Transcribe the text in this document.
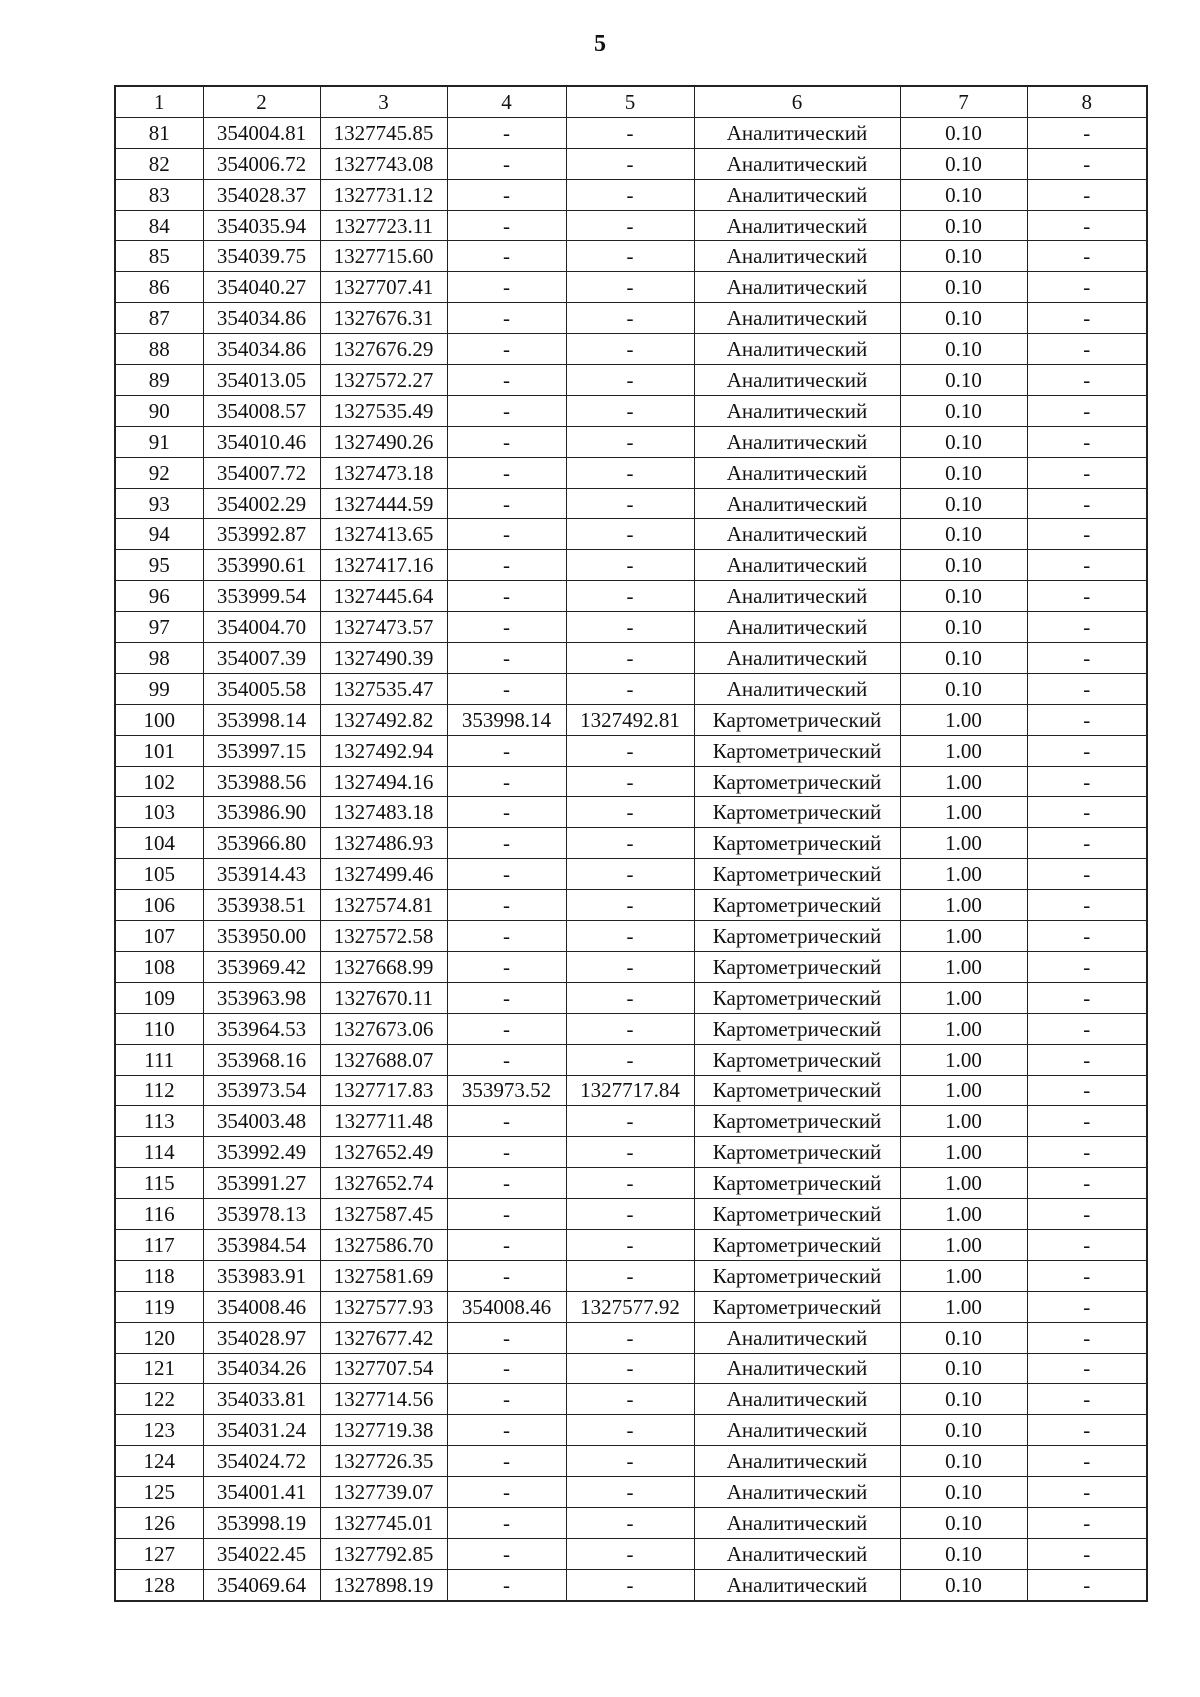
5
1	2	3	4	5	6	7	8
81	354004.81	1327745.85	-	-	Аналитический	0.10	-
82	354006.72	1327743.08	-	-	Аналитический	0.10	-
83	354028.37	1327731.12	-	-	Аналитический	0.10	-
84	354035.94	1327723.11	-	-	Аналитический	0.10	-
85	354039.75	1327715.60	-	-	Аналитический	0.10	-
86	354040.27	1327707.41	-	-	Аналитический	0.10	-
87	354034.86	1327676.31	-	-	Аналитический	0.10	-
88	354034.86	1327676.29	-	-	Аналитический	0.10	-
89	354013.05	1327572.27	-	-	Аналитический	0.10	-
90	354008.57	1327535.49	-	-	Аналитический	0.10	-
91	354010.46	1327490.26	-	-	Аналитический	0.10	-
92	354007.72	1327473.18	-	-	Аналитический	0.10	-
93	354002.29	1327444.59	-	-	Аналитический	0.10	-
94	353992.87	1327413.65	-	-	Аналитический	0.10	-
95	353990.61	1327417.16	-	-	Аналитический	0.10	-
96	353999.54	1327445.64	-	-	Аналитический	0.10	-
97	354004.70	1327473.57	-	-	Аналитический	0.10	-
98	354007.39	1327490.39	-	-	Аналитический	0.10	-
99	354005.58	1327535.47	-	-	Аналитический	0.10	-
100	353998.14	1327492.82	353998.14	1327492.81	Картометрический	1.00	-
101	353997.15	1327492.94	-	-	Картометрический	1.00	-
102	353988.56	1327494.16	-	-	Картометрический	1.00	-
103	353986.90	1327483.18	-	-	Картометрический	1.00	-
104	353966.80	1327486.93	-	-	Картометрический	1.00	-
105	353914.43	1327499.46	-	-	Картометрический	1.00	-
106	353938.51	1327574.81	-	-	Картометрический	1.00	-
107	353950.00	1327572.58	-	-	Картометрический	1.00	-
108	353969.42	1327668.99	-	-	Картометрический	1.00	-
109	353963.98	1327670.11	-	-	Картометрический	1.00	-
110	353964.53	1327673.06	-	-	Картометрический	1.00	-
111	353968.16	1327688.07	-	-	Картометрический	1.00	-
112	353973.54	1327717.83	353973.52	1327717.84	Картометрический	1.00	-
113	354003.48	1327711.48	-	-	Картометрический	1.00	-
114	353992.49	1327652.49	-	-	Картометрический	1.00	-
115	353991.27	1327652.74	-	-	Картометрический	1.00	-
116	353978.13	1327587.45	-	-	Картометрический	1.00	-
117	353984.54	1327586.70	-	-	Картометрический	1.00	-
118	353983.91	1327581.69	-	-	Картометрический	1.00	-
119	354008.46	1327577.93	354008.46	1327577.92	Картометрический	1.00	-
120	354028.97	1327677.42	-	-	Аналитический	0.10	-
121	354034.26	1327707.54	-	-	Аналитический	0.10	-
122	354033.81	1327714.56	-	-	Аналитический	0.10	-
123	354031.24	1327719.38	-	-	Аналитический	0.10	-
124	354024.72	1327726.35	-	-	Аналитический	0.10	-
125	354001.41	1327739.07	-	-	Аналитический	0.10	-
126	353998.19	1327745.01	-	-	Аналитический	0.10	-
127	354022.45	1327792.85	-	-	Аналитический	0.10	-
128	354069.64	1327898.19	-	-	Аналитический	0.10	-
